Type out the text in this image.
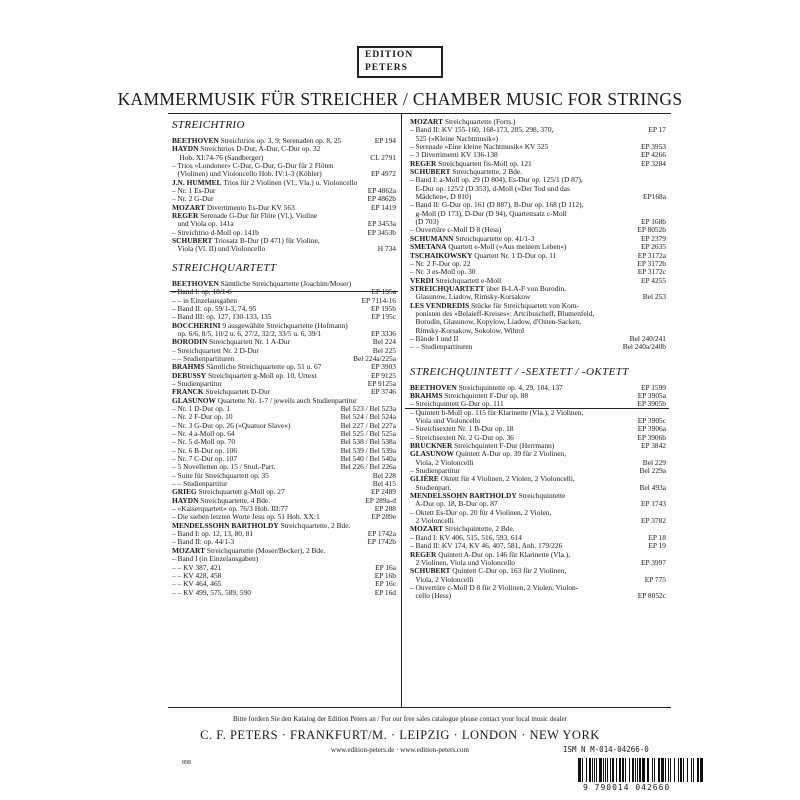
EDITION PETERS
KAMMERMUSIK FÜR STREICHER / CHAMBER MUSIC FOR STRINGS
STREICHTRIO
BEETHOVEN Streichtrios op. 3, 9; Serenaden op. 8, 25	EP 194
HAYDN Streichtrios D-Dur, A-Dur, C-Dur op. 32
Hob. XI:74-76 (Sandberger)	CL 2791
– Trios »Londoner« C-Dur, G-Dur, G-Dur für 2 Flöten
(Violinen) und Violoncello Hob. IV:1-3 (Köhler)	EP 4972
J.N. HUMMEL Trios für 2 Violinen (Vl., Vla.) u. Violoncello
– Nr. 1 Es-Dur	EP 4862a
– Nr. 2 G-Dur	EP 4862b
MOZART Divertimento Es-Dur KV 563	EP 1419
REGER Serenade G-Dur für Flöte (Vl.), Violine
und Viola op. 141a	EP 3453a
– Streichtrio d-Moll op. 141b	EP 3453b
SCHUBERT Triosatz B-Dur (D 471) für Violine,
Viola (Vl. II) und Violoncello	H 734
STREICHQUARTETT
BEETHOVEN Sämtliche Streichquartette (Joachim/Moser)
– Band I: op. 18/1-6	EP 195a
– – in Einzelausgaben	EP 7114-16
– Band II: op. 59/1-3, 74, 95	EP 195b
– Band III: op. 127, 130-133, 135	EP 195c
BOCCHERINI 9 ausgewählte Streichquartette (Hofmann)
op. 6/6, 8/5, 10/2 u. 6, 27/2, 32/2, 33/5 u. 6, 39/1	EP 3336
BORODIN Streichquartett Nr. 1 A-Dur	Bel 224
– Streichquartett Nr. 2 D-Dur	Bel 225
– – Studienpartituren	Bel 224a/225a
BRAHMS Sämtliche Streichquartette op. 51 u. 67	EP 3903
DEBUSSY Streichquartett g-Moll op. 10, Urtext	EP 9125
– Studienpartitur	EP 9125a
FRANCK Streichquartett D-Dur	EP 3746
GLASUNOW Quartette Nr. 1-7 / jeweils auch Studienpartitur
– Nr. 1 D-Dur op. 1	Bel 523 / Bel 523a
– Nr. 2 F-Dur op. 10	Bel 524 / Bel 524a
– Nr. 3 G-Dur op. 26 (»Quatuor Slave«)	Bel 227 / Bel 227a
– Nr. 4 a-Moll op. 64	Bel 525 / Bel 525a
– Nr. 5 d-Moll op. 70	Bel 538 / Bel 538a
– Nr. 6 B-Dur op. 106	Bel 539 / Bel 539a
– Nr. 7 C-Dur op. 107	Bel 540 / Bel 540a
– 5 Novelletten op. 15 / Stud.-Part.	Bel 226 / Bel 226a
– Suite für Streichquartett op. 35	Bel 228
– – Studienpartitur	Bel 415
GRIEG Streichquartett g-Moll op. 27	EP 2489
HAYDN Streichquartette, 4 Bde.	EP 289a-d
– »Kaiserquartett« op. 76/3 Hob. III:77	EP 288
– Die sieben letzten Worte Jesu op. 51 Hob. XX:1	EP 289e
MENDELSSOHN BARTHOLDY Streichquartette, 2 Bde.
– Band I: op. 12, 13, 80, 81	EP 1742a
– Band II: op. 44/1-3	EP 1742b
MOZART Streichquartette (Moser/Becker), 2 Bde.
– Band I (in Einzelausgaben)
– – KV 387, 421	EP 16a
– – KV 428, 458	EP 16b
– – KV 464, 465	EP 16c
– – KV 499, 575, 589, 590	EP 16d
MOZART Streichquartette (Forts.)
– Band II: KV 155-160, 168-173, 285, 298, 370,	EP 17
525 (»Kleine Nachtmusik«)
– Serenade »Eine kleine Nachtmusik« KV 525	EP 3953
– 3 Divertimenti KV 136-138	EP 4266
REGER Streichquartett fis-Moll op. 121	EP 3284
SCHUBERT Streichquartette, 2 Bde.
– Band I: a-Moll op. 29 (D 804), Es-Dur op. 125/1 (D 87),
E-Dur op. 125/2 (D 353), d-Moll (»Der Tod und das
Mädchen«, D 810)	EP168a
– Band II: G-Dur op. 161 (D 887), B-Dur op. 168 (D 112),
g-Moll (D 173), D-Dur (D 94), Quartettsatz c-Moll
(D 703)	EP 168b
– Ouvertüre c-Moll D 8 (Hess)	EP 8052b
SCHUMANN Streichquartette op. 41/1-3	EP 2379
SMETANA Quartett e-Moll (»Aus meinem Leben«)	EP 2635
TSCHAIKOWSKY Quartett Nr. 1 D-Dur op. 11	EP 3172a
– Nr. 2 F-Dur op. 22	EP 3172b
– Nr. 3 es-Moll op. 30	EP 3172c
VERDI Streichquartett e-Moll	EP 4255
STREICHQUARTETT über B-LA-F von Borodin,
Glasunow, Liadow, Rimsky-Korsakow	Bel 253
LES VENDREDIS Stücke für Streichquartett von Kom-
ponisten des »Belaieff-Kreises«: Artcibuscheff, Blumenfeld,
Borodin, Glasunow, Kopylow, Liadow, d'Osten-Sacken,
Rimsky-Korsakow, Sokolow, Wihtol
– Bände I und II	Bel 240/241
– – Studienpartituren	Bel 240a/240b
STREICHQUINTETT / -SEXTETT / -OKTETT
BEETHOVEN Streichquintette op. 4, 29, 104, 137	EP 1599
BRAHMS Streichquintett F-Dur op. 88	EP 3905a
– Streichquintett G-Dur op. 111	EP 3905b
– Quintett h-Moll op. 115 für Klarinette (Vla.), 2 Violinen,
Viola und Violoncello	EP 3905c
– Streichsextett Nr. 1 B-Dur op. 18	EP 3906a
– Streichsextett Nr. 2 G-Dur op. 36	EP 3906b
BRUCKNER Streichquintett F-Dur (Herrmann)	EP 3842
GLASUNOW Quintett A-Dur op. 39 für 2 Violinen,
Viola, 2 Violoncelli	Bel 229
– Studienpartitur	Bel 229a
GLIÈRE Oktett für 4 Violinen, 2 Violen, 2 Violoncelli,
Studienpart.	Bel 493a
MENDELSSOHN BARTHOLDY Streichquintette
A-Dur op. 18, B-Dur op. 87	EP 1743
– Oktett Es-Dur op. 20 für 4 Violinen, 2 Violen,
2 Violoncelli	EP 3782
MOZART Streichquintette, 2 Bde.
– Band I: KV 406, 515, 516, 593, 614	EP 18
– Band II: KV 174, KV 46, 407, 581, Anh. 179/226	EP 19
REGER Quintett A-Dur op. 146 für Klarinette (Vla.),
2 Violinen, Viola und Violoncello	EP 3997
SCHUBERT Quintett C-Dur op. 163 für 2 Violinen,
Viola, 2 Violoncelli	EP 775
– Ouvertüre c-Moll D 8 für 2 Violinen, 2 Violen, Violon-
cello (Hess)	EP 8052c
Bitte fordern Sie den Katalog der Edition Peters an / For our free sales catalogue please contact your local music dealer
C. F. PETERS · FRANKFURT/M. · LEIPZIG · LONDON · NEW YORK
www.edition-peters.de · www.edition-peters.com
898
ISM N M-014-04266-0
9 790014 042660
